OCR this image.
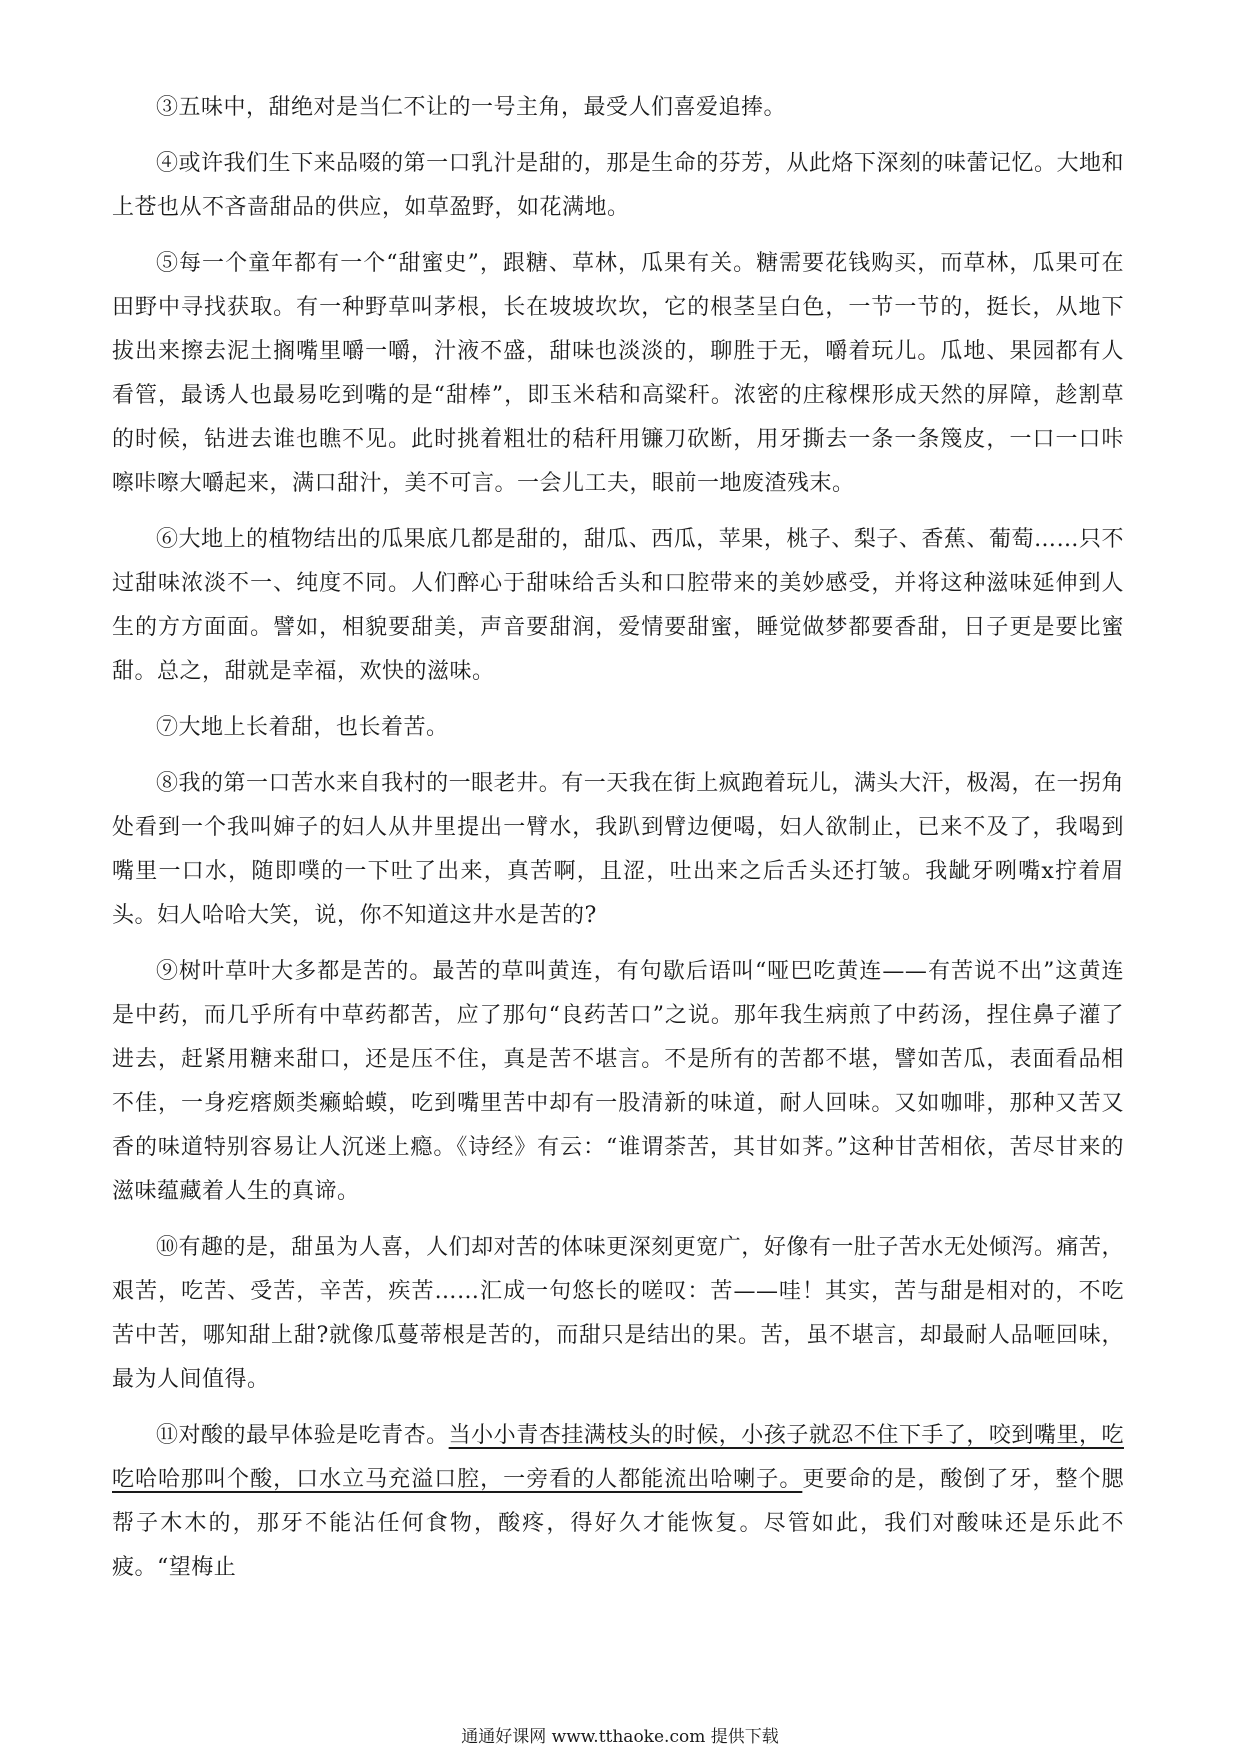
③五味中，甜绝对是当仁不让的一号主角，最受人们喜爱追捧。

④或许我们生下来品啜的第一口乳汁是甜的，那是生命的芬芳，从此烙下深刻的味蕾记忆。大地和上苍也从不吝啬甜品的供应，如草盈野，如花满地。

⑤每一个童年都有一个“甜蜜史”，跟糖、草林，瓜果有关。糖需要花钱购买，而草林，瓜果可在田野中寻找获取。有一种野草叫茅根，长在坡坡坎坎，它的根茎呈白色，一节一节的，挺长，从地下拔出来擦去泥土搁嘴里嚼一嚼，汁液不盛，甜味也淡淡的，聊胜于无，嚼着玩儿。瓜地、果园都有人看管，最诱人也最易吃到嘴的是“甜棒”，即玉米秸和高粱秆。浓密的庄稼棵形成天然的屏障，趁割草的时候，钻进去谁也瞧不见。此时挑着粗壮的秸秆用镰刀砍断，用牙撕去一条一条篾皮，一口一口咔嚓咔嚓大嚼起来，满口甜汁，美不可言。一会儿工夫，眼前一地废渣残末。

⑥大地上的植物结出的瓜果底几都是甜的，甜瓜、西瓜，苹果，桃子、梨子、香蕉、葡萄……只不过甜味浓淡不一、纯度不同。人们醉心于甜味给舌头和口腔带来的美妙感受，并将这种滋味延伸到人生的方方面面。譬如，相貌要甜美，声音要甜润，爱情要甜蜜，睡觉做梦都要香甜，日子更是要比蜜甜。总之，甜就是幸福，欢快的滋味。

⑦大地上长着甜，也长着苦。

⑧我的第一口苦水来自我村的一眼老井。有一天我在街上疯跑着玩儿，满头大汗，极渴，在一拐角处看到一个我叫婶子的妇人从井里提出一臂水，我趴到臂边便喝，妇人欲制止，已来不及了，我喝到嘴里一口水，随即噗的一下吐了出来，真苦啊，且涩，吐出来之后舌头还打皱。我龇牙咧嘴x拧着眉头。妇人哈哈大笑，说，你不知道这井水是苦的?

⑨树叶草叶大多都是苦的。最苦的草叫黄连，有句歇后语叫“哑巴吃黄连——有苦说不出”这黄连是中药，而几乎所有中草药都苦，应了那句“良药苦口”之说。那年我生病煎了中药汤，捏住鼻子灌了进去，赶紧用糖来甜口，还是压不住，真是苦不堪言。不是所有的苦都不堪，譬如苦瓜，表面看品相不佳，一身疙瘩颇类癞蛤蟆，吃到嘴里苦中却有一股清新的味道，耐人回味。又如咖啡，那种又苦又香的味道特别容易让人沉迷上瘾。《诗经》有云：“谁谓荼苦，其甘如荠。”这种甘苦相依，苦尽甘来的滋味蕴藏着人生的真谛。

⑩有趣的是，甜虽为人喜，人们却对苦的体味更深刻更宽广，好像有一肚子苦水无处倾泻。痛苦，艰苦，吃苦、受苦，辛苦，疾苦……汇成一句悠长的嗟叹：苦——哇！其实，苦与甜是相对的，不吃苦中苦，哪知甜上甜?就像瓜蔓蒂根是苦的，而甜只是结出的果。苦，虽不堪言，却最耐人品咂回味，最为人间值得。

⑪对酸的最早体验是吃青杏。当小小青杏挂满枝头的时候，小孩子就忍不住下手了，咬到嘴里，吃吃哈哈那叫个酸，口水立马充溢口腔，一旁看的人都能流出哈喇子。更要命的是，酸倒了牙，整个腮帮子木木的，那牙不能沾任何食物，酸疼，得好久才能恢复。尽管如此，我们对酸味还是乐此不疲。“望梅止

通通好课网 www.tthaoke.com 提供下载
